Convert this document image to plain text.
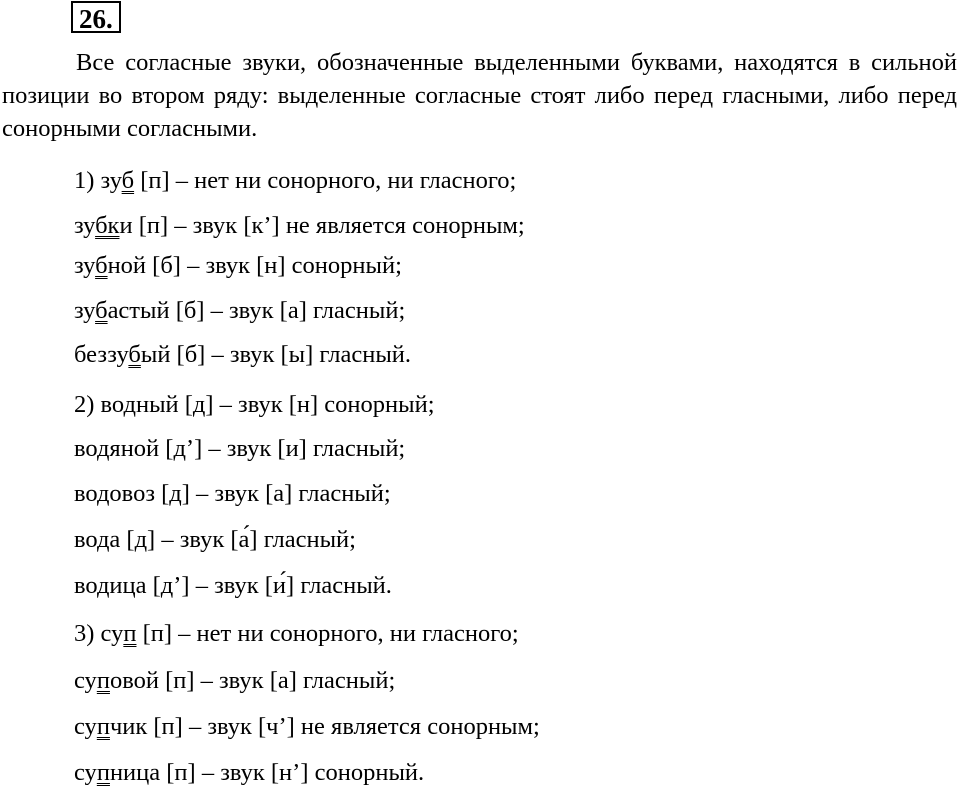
26.

Все согласные звуки, обозначенные выделенными буквами, находятся в сильной позиции во втором ряду: выделенные согласные стоят либо перед гласными, либо перед сонорными согласными.

1) зуб [п] – нет ни сонорного, ни гласного;
зубки [п] – звук [к’] не является сонорным;
зубной [б] – звук [н] сонорный;
зубастый [б] – звук [а] гласный;
беззубый [б] – звук [ы] гласный.
2) водный [д] – звук [н] сонорный;
водяной [д’] – звук [и] гласный;
водовоз [д] – звук [а] гласный;
вода [д] – звук [а́] гласный;
водица [д’] – звук [и́] гласный.
3) суп [п] – нет ни сонорного, ни гласного;
суповой [п] – звук [а] гласный;
супчик [п] – звук [ч’] не является сонорным;
супница [п] – звук [н’] сонорный.
